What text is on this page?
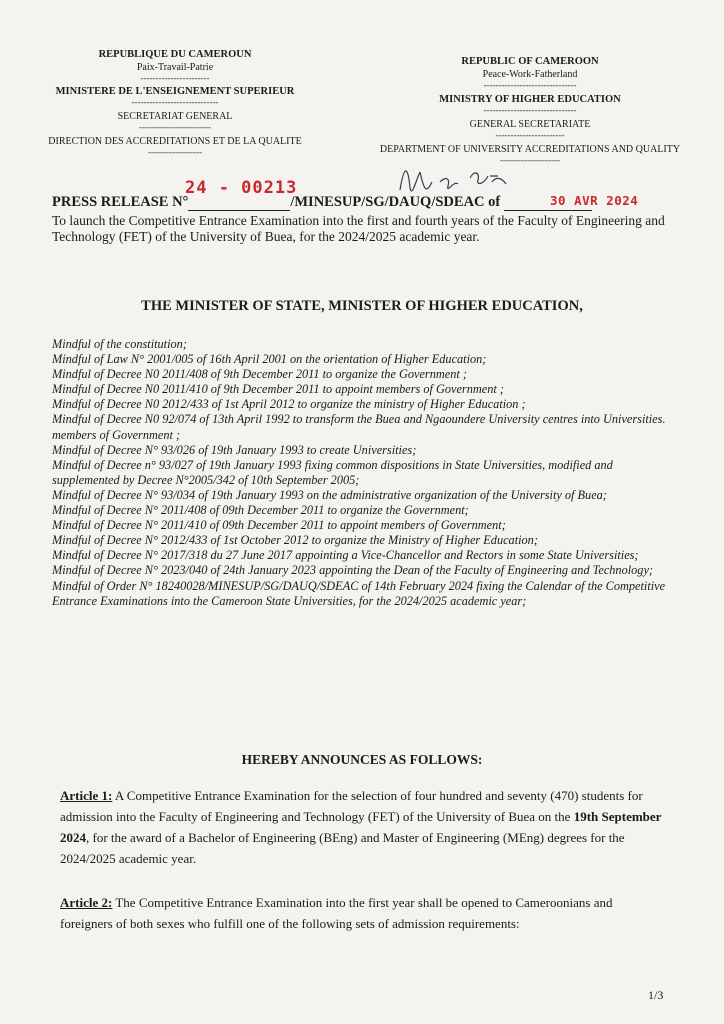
REPUBLIQUE DU CAMEROUN
Paix-Travail-Patrie
-----------------------
MINISTERE DE L'ENSEIGNEMENT SUPERIEUR
-----------------------------
SECRETARIAT GENERAL
------------------------
DIRECTION DES ACCREDITATIONS ET DE LA QUALITE
------------------
REPUBLIC OF CAMEROON
Peace-Work-Fatherland
-------------------------------
MINISTRY OF HIGHER EDUCATION
-------------------------------
GENERAL SECRETARIATE
-----------------------
DEPARTMENT OF UNIVERSITY ACCREDITATIONS AND QUALITY
--------------------
24 - 00213
30 AVR 2024
PRESS RELEASE N°	/MINESUP/SG/DAUQ/SDEAC of
To launch the Competitive Entrance Examination into the first and fourth years of the Faculty of Engineering and Technology (FET) of the University of Buea, for the 2024/2025 academic year.
THE MINISTER OF STATE, MINISTER OF HIGHER EDUCATION,

Mindful of the constitution;

Mindful of Law N° 2001/005 of 16th April 2001 on the orientation of Higher Education;

Mindful of Decree N0 2011/408 of 9th December 2011 to organize the Government ;

Mindful of Decree N0 2011/410 of 9th December 2011 to appoint members of Government ;

Mindful of Decree N0 2012/433 of 1st April 2012 to organize the ministry of Higher Education ;

Mindful of Decree N0 92/074 of 13th April 1992 to transform the Buea and Ngaoundere University centres into Universities. members of Government ;

Mindful of Decree N° 93/026 of 19th January 1993 to create Universities;

Mindful of Decree n° 93/027 of 19th January 1993 fixing common dispositions in State Universities, modified and supplemented by Decree N°2005/342 of 10th September 2005;

Mindful of Decree N° 93/034 of 19th January 1993 on the administrative organization of the University of Buea;

Mindful of Decree N° 2011/408 of 09th December 2011 to organize the Government;

Mindful of Decree N° 2011/410 of 09th December 2011 to appoint members of Government;

Mindful of Decree N° 2012/433 of 1st October 2012 to organize the Ministry of Higher Education;

Mindful of Decree N° 2017/318 du 27 June 2017 appointing a Vice-Chancellor and Rectors in some State Universities;

Mindful of Decree N° 2023/040 of 24th January 2023 appointing the Dean of the Faculty of Engineering and Technology;

Mindful of Order N° 18240028/MINESUP/SG/DAUQ/SDEAC of 14th February 2024 fixing the Calendar of the Competitive Entrance Examinations into the Cameroon State Universities, for the 2024/2025 academic year;

HEREBY ANNOUNCES AS FOLLOWS:
Article 1: A Competitive Entrance Examination for the selection of four hundred and seventy (470) students for admission into the Faculty of Engineering and Technology (FET) of the University of Buea on the 19th September 2024, for the award of a Bachelor of Engineering (BEng) and Master of Engineering (MEng) degrees for the 2024/2025 academic year.
Article 2: The Competitive Entrance Examination into the first year shall be opened to Cameroonians and foreigners of both sexes who fulfill one of the following sets of admission requirements:
1/3
